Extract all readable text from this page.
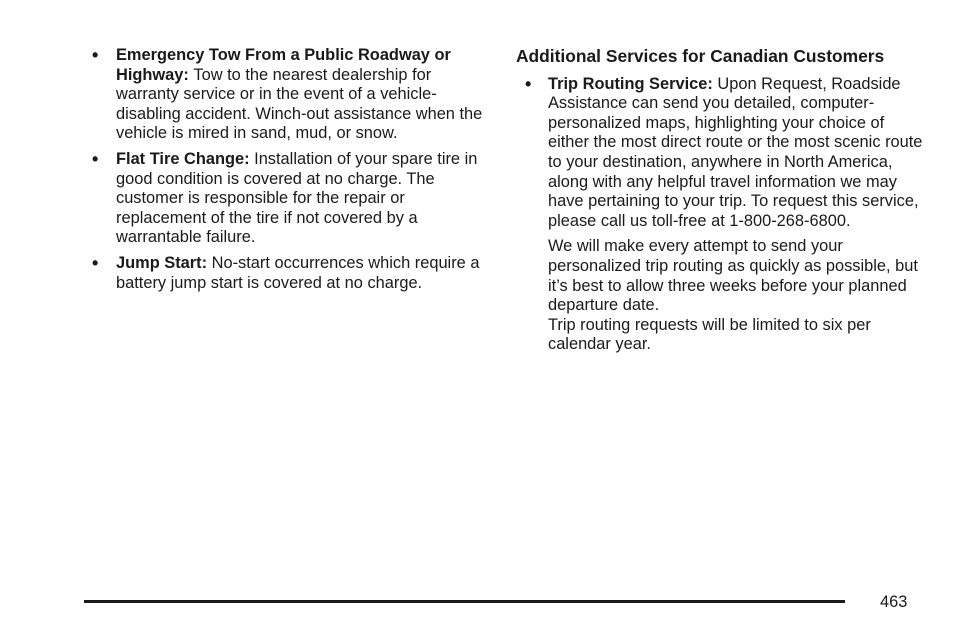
• Emergency Tow From a Public Roadway or Highway: Tow to the nearest dealership for warranty service or in the event of a vehicle-disabling accident. Winch-out assistance when the vehicle is mired in sand, mud, or snow.
• Flat Tire Change: Installation of your spare tire in good condition is covered at no charge. The customer is responsible for the repair or replacement of the tire if not covered by a warrantable failure.
• Jump Start: No-start occurrences which require a battery jump start is covered at no charge.
Additional Services for Canadian Customers
• Trip Routing Service: Upon Request, Roadside Assistance can send you detailed, computer-personalized maps, highlighting your choice of either the most direct route or the most scenic route to your destination, anywhere in North America, along with any helpful travel information we may have pertaining to your trip. To request this service, please call us toll-free at 1-800-268-6800.

We will make every attempt to send your personalized trip routing as quickly as possible, but it’s best to allow three weeks before your planned departure date.

Trip routing requests will be limited to six per calendar year.

463
